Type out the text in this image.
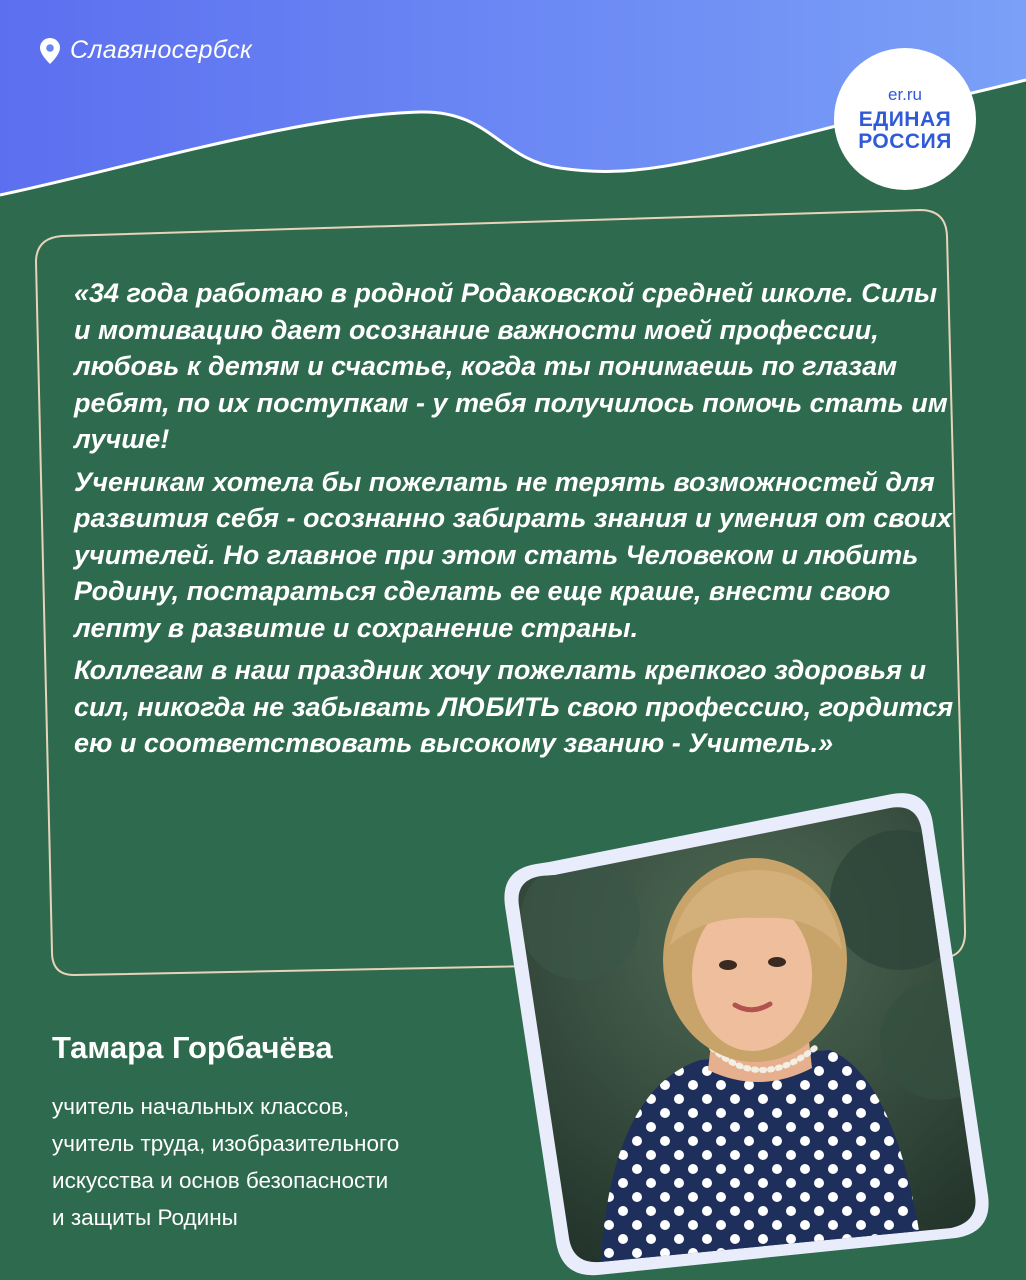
Славяносербск
er.ru
ЕДИНАЯ
РОССИЯ

«34 года работаю в родной Родаковской средней школе. Силы и мотивацию дает осознание важности моей профессии, любовь к детям и счастье, когда ты понимаешь по глазам ребят, по их поступкам - у тебя получилось помочь стать им лучше!

Ученикам хотела бы пожелать не терять возможностей для развития себя - осознанно забирать знания и умения от своих учителей. Но главное при этом стать Человеком и любить Родину, постараться сделать ее еще краше, внести свою лепту в развитие и сохранение страны.

Коллегам в наш праздник хочу пожелать крепкого здоровья и сил, никогда не забывать ЛЮБИТЬ свою профессию, гордится ею и соответствовать высокому званию - Учитель.»

Тамара Горбачёва
учитель начальных классов,
учитель труда, изобразительного
искусства и основ безопасности
и защиты Родины
